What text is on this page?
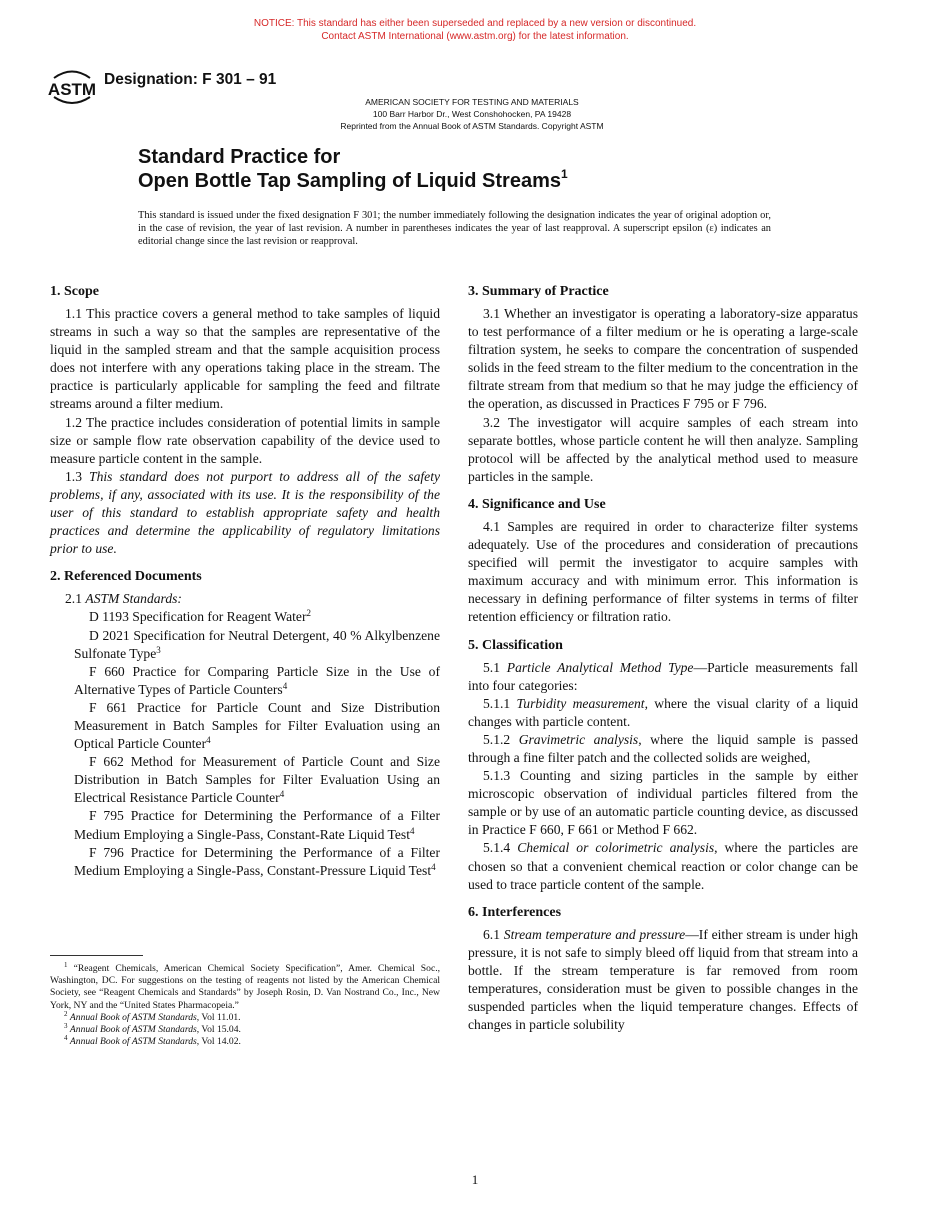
NOTICE: This standard has either been superseded and replaced by a new version or discontinued.
Contact ASTM International (www.astm.org) for the latest information.
ASTM
Designation: F 301 – 91
AMERICAN SOCIETY FOR TESTING AND MATERIALS
100 Barr Harbor Dr., West Conshohocken, PA 19428
Reprinted from the Annual Book of ASTM Standards. Copyright ASTM
Standard Practice for
Open Bottle Tap Sampling of Liquid Streams$^1$
This standard is issued under the fixed designation F 301; the number immediately following the designation indicates the year of original adoption or, in the case of revision, the year of last revision. A number in parentheses indicates the year of last reapproval. A superscript epsilon (ε) indicates an editorial change since the last revision or reapproval.
1. Scope

1.1 This practice covers a general method to take samples of liquid streams in such a way so that the samples are representative of the liquid in the sampled stream and that the sample acquisition process does not interfere with any operations taking place in the stream. The practice is particularly applicable for sampling the feed and filtrate streams around a filter medium.

1.2 The practice includes consideration of potential limits in sample size or sample flow rate observation capability of the device used to measure particle content in the sample.

1.3 This standard does not purport to address all of the safety problems, if any, associated with its use. It is the responsibility of the user of this standard to establish appropriate safety and health practices and determine the applicability of regulatory limitations prior to use.

2. Referenced Documents

2.1 ASTM Standards:

D 1193 Specification for Reagent Water$^2$

D 2021 Specification for Neutral Detergent, 40 % Alkylbenzene Sulfonate Type$^3$

F 660 Practice for Comparing Particle Size in the Use of Alternative Types of Particle Counters$^4$

F 661 Practice for Particle Count and Size Distribution Measurement in Batch Samples for Filter Evaluation using an Optical Particle Counter$^4$

F 662 Method for Measurement of Particle Count and Size Distribution in Batch Samples for Filter Evaluation Using an Electrical Resistance Particle Counter$^4$

F 795 Practice for Determining the Performance of a Filter Medium Employing a Single-Pass, Constant-Rate Liquid Test$^4$

F 796 Practice for Determining the Performance of a Filter Medium Employing a Single-Pass, Constant-Pressure Liquid Test$^4$

$^1$ “Reagent Chemicals, American Chemical Society Specification”, Amer. Chemical Soc., Washington, DC. For suggestions on the testing of reagents not listed by the American Chemical Society, see “Reagent Chemicals and Standards” by Joseph Rosin, D. Van Nostrand Co., Inc., New York, NY and the “United States Pharmacopeia.”

$^2$ Annual Book of ASTM Standards, Vol 11.01.

$^3$ Annual Book of ASTM Standards, Vol 15.04.

$^4$ Annual Book of ASTM Standards, Vol 14.02.

3. Summary of Practice

3.1 Whether an investigator is operating a laboratory-size apparatus to test performance of a filter medium or he is operating a large-scale filtration system, he seeks to compare the concentration of suspended solids in the feed stream to the filter medium to the concentration in the filtrate stream from that medium so that he may judge the efficiency of the operation, as discussed in Practices F 795 or F 796.

3.2 The investigator will acquire samples of each stream into separate bottles, whose particle content he will then analyze. Sampling protocol will be affected by the analytical method used to measure particles in the sample.

4. Significance and Use

4.1 Samples are required in order to characterize filter systems adequately. Use of the procedures and consideration of precautions specified will permit the investigator to acquire samples with maximum accuracy and with minimum error. This information is necessary in defining performance of filter systems in terms of filter retention efficiency or filtration ratio.

5. Classification

5.1 Particle Analytical Method Type—Particle measurements fall into four categories:

5.1.1 Turbidity measurement, where the visual clarity of a liquid changes with particle content.

5.1.2 Gravimetric analysis, where the liquid sample is passed through a fine filter patch and the collected solids are weighed,

5.1.3 Counting and sizing particles in the sample by either microscopic observation of individual particles filtered from the sample or by use of an automatic particle counting device, as discussed in Practice F 660, F 661 or Method F 662.

5.1.4 Chemical or colorimetric analysis, where the particles are chosen so that a convenient chemical reaction or color change can be used to trace particle content of the sample.

6. Interferences

6.1 Stream temperature and pressure—If either stream is under high pressure, it is not safe to simply bleed off liquid from that stream into a bottle. If the stream temperature is far removed from room temperatures, consideration must be given to possible changes in the suspended particles when the liquid temperature changes. Effects of changes in particle solubility

1
